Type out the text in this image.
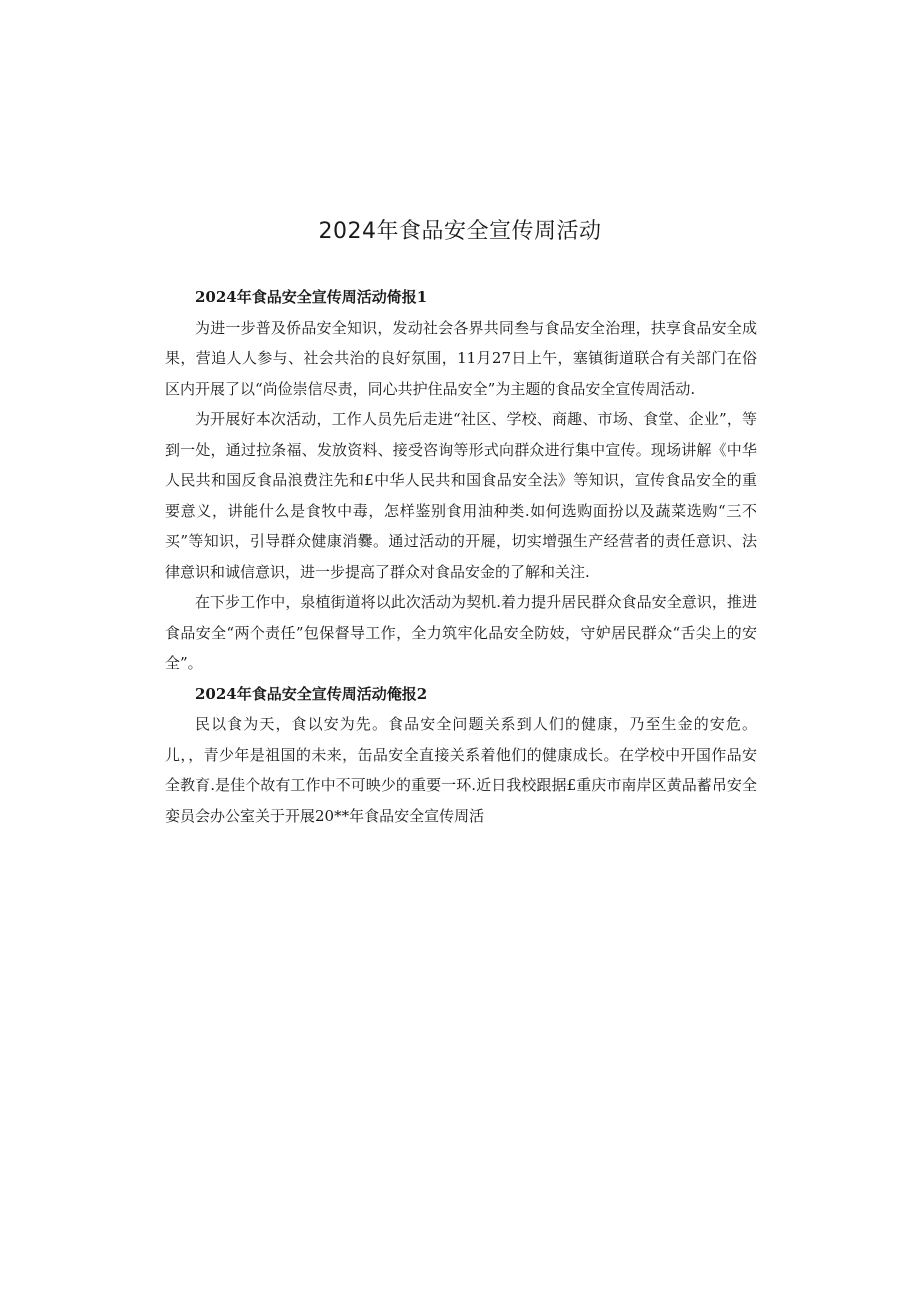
2024年食品安全宣传周活动

2024年食品安全宣传周活动倚报1

为进一步普及侨品安全知识，发动社会各界共同叁与食品安全治理，扶享食品安全成果，营追人人参与、社会共治的良好氛围，11月27日上午，塞镇街道联合有关部门在俗区内开展了以“尚俭崇信尽责，同心共护住品安全”为主题的食品安全宣传周活动.

为开展好本次活动，工作人员先后走进“社区、学校、商趣、市场、食堂、企业”，等到一处，通过拉条福、发放资料、接受咨询等形式向群众进行集中宣传。现场讲解《中华人民共和国反食品浪费注先和£中华人民共和国食品安全法》等知识，宣传食品安全的重要意义，讲能什么是食牧中毒，怎样鉴别食用油种类.如何选购面扮以及蔬菜选购“三不买”等知识，引导群众健康消爨。通过活动的开屣，切实增强生产经营者的责任意识、法律意识和诚信意识，进一步提高了群众对食品安金的了解和关注.

在下步工作中，泉植街道将以此次活动为契机.着力提升居民群众食品安全意识，推进食品安全“两个责任”包保督导工作，全力筑牢化品安全防妓，守妒居民群众“舌尖上的安全”。

2024年食品安全宣传周活动俺报2

民以食为天，食以安为先。食品安全问题关系到人们的健康，乃至生金的安危。儿，，青少年是祖国的未来，缶品安全直接关系着他们的健康成长。在学校中开国作品安全教育.是佳个故有工作中不可映少的重要一环.近日我校跟据£重庆市南岸区黄品蓄吊安全娈员会办公室关于开展20**年食品安全宣传周活
